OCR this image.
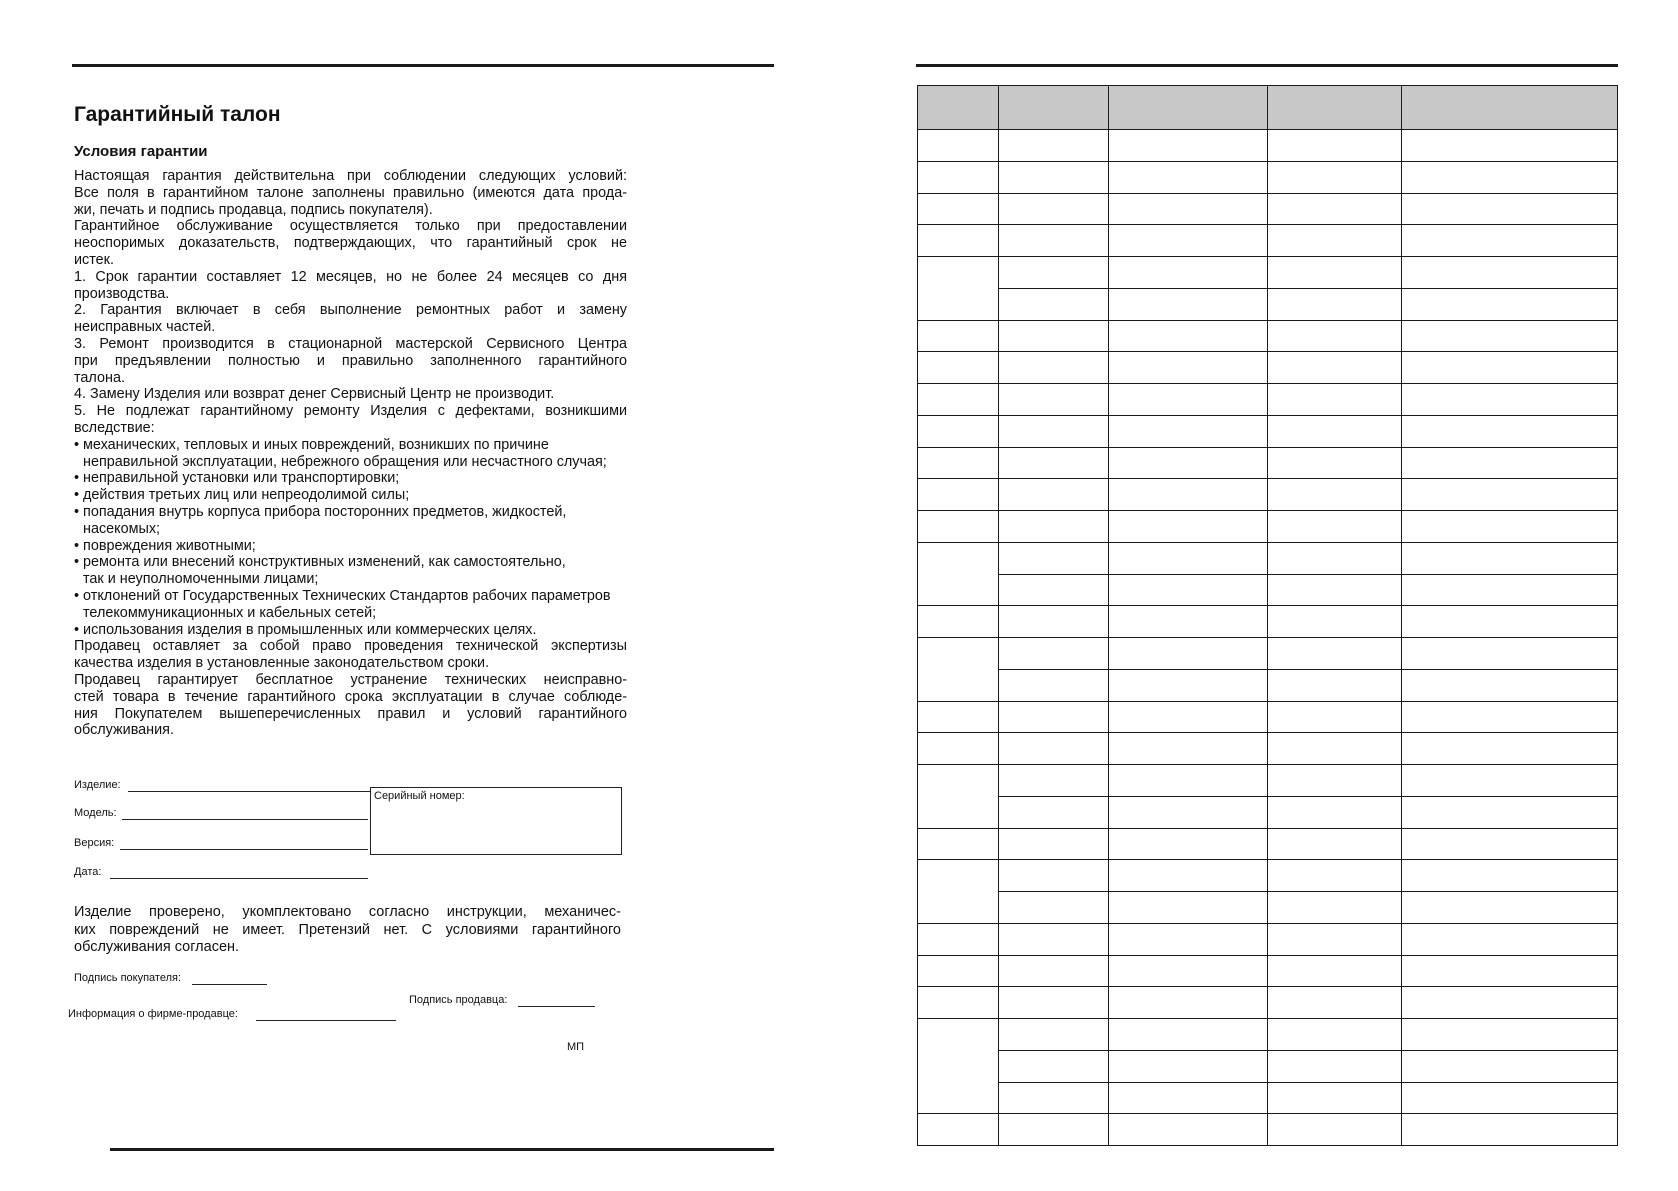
Гарантийный талон
Условия гарантии
Настоящая гарантия действительна при соблюдении следующих условий:
Все поля в гарантийном талоне заполнены правильно (имеются дата прода-
жи, печать и подпись продавца, подпись покупателя).
Гарантийное обслуживание осуществляется только при предоставлении
неоспоримых доказательств, подтверждающих, что гарантийный срок не
истек.
1. Срок гарантии составляет 12 месяцев, но не более 24 месяцев со дня
производства.
2. Гарантия включает в себя выполнение ремонтных работ и замену
неисправных частей.
3. Ремонт производится в стационарной мастерской Сервисного Центра
при предъявлении полностью и правильно заполненного гарантийного
талона.
4. Замену Изделия или возврат денег Сервисный Центр не производит.
5. Не подлежат гарантийному ремонту Изделия с дефектами, возникшими
вследствие:
• механических, тепловых и иных повреждений, возникших по причине
неправильной эксплуатации, небрежного обращения или несчастного случая;
• неправильной установки или транспортировки;
• действия третьих лиц или непреодолимой силы;
• попадания внутрь корпуса прибора посторонних предметов, жидкостей,
насекомых;
• повреждения животными;
• ремонта или внесений конструктивных изменений, как самостоятельно,
так и неуполномоченными лицами;
• отклонений от Государственных Технических Стандартов рабочих параметров
телекоммуникационных и кабельных сетей;
• использования изделия в промышленных или коммерческих целях.
Продавец оставляет за собой право проведения технической экспертизы
качества изделия в установленные законодательством сроки.
Продавец гарантирует бесплатное устранение технических неисправно-
стей товара в течение гарантийного срока эксплуатации в случае соблюде-
ния Покупателем вышеперечисленных правил и условий гарантийного
обслуживания.
Изделие:
Модель:
Версия:
Дата:
Серийный номер:
Изделие проверено, укомплектовано согласно инструкции, механичес-
ких повреждений не имеет. Претензий нет. С условиями гарантийного
обслуживания согласен.
Подпись покупателя:
Подпись продавца:
Информация о фирме-продавце:
МП
